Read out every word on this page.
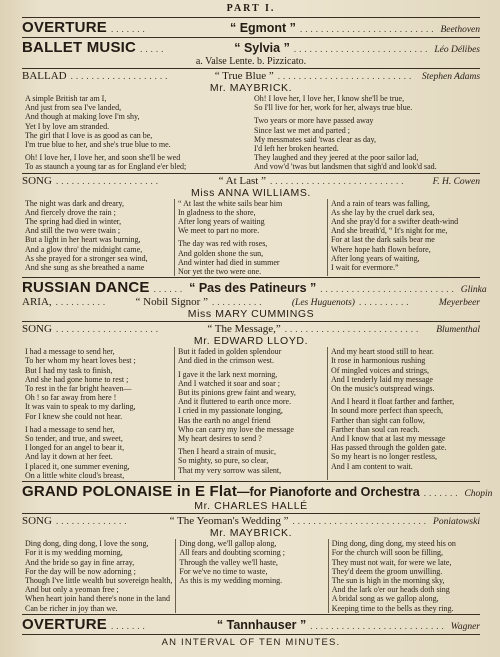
PART I.
OVERTURE .......	“ Egmont ” .......................... Beethoven
BALLET MUSIC .....	“ Sylvia ” .......................... Léo Délibes
a. Valse Lente. b. Pizzicato.
BALLAD ...................	“ True Blue ” .......................... Stephen Adams
Mr. MAYBRICK.
A simple British tar am I,
And just from sea I've landed,
And though at making love I'm shy,
Yet I by love am stranded.
The girl that I love is as good as can be,
I'm true blue to her, and she's true blue to me.

Oh! I love her, I love her, and soon she'll be wed
To as staunch a young tar as for England e'er bled;
Oh! I love her, I love her, I know she'll be true,
So I'll live for her, work for her, always true blue.

Two years or more have passed away
Since last we met and parted ;
My messmates said 'twas clear as day,
I'd left her broken hearted.
They laughed and they jeered at the poor sailor lad,
And vow'd 'twas but landsmen that sigh'd and look'd sad.
SONG ....................	“ At Last ” ..........................	F. H. Cowen
Miss ANNA WILLIAMS.
The night was dark and dreary,
And fiercely drove the rain ;
The spring had died in winter,
And still the two were twain ;
But a light in her heart was burning,
And a glow thro' the midnight came,
As she prayed for a stronger sea wind,
And she sung as she breathed a name
“ At last the white sails bear him
In gladness to the shore,
After long years of waiting
We meet to part no more.

The day was red with roses,
And golden shone the sun,
And winter had died in summer
Nor yet the two were one.
And a rain of tears was falling,
As she lay by the cruel dark sea,
And she pray'd for a swifter death-wind
And she breath'd, “ It's night for me,
For at last the dark sails bear me
Where hope hath flown before,
After long years of waiting,
I wait for evermore.”
RUSSIAN DANCE ...... “ Pas des Patineurs ” .......................... Glinka
ARIA, ..........	“ Nobil Signor ” ..........	(Les Huguenots) ..........	Meyerbeer
Miss MARY CUMMINGS
SONG ....................	“ The Message,” ..........................	Blumenthal
Mr. EDWARD LLOYD.
I had a message to send her,
To her whom my heart loves best ;
But I had my task to finish,
And she had gone home to rest ;
To rest in the far bright heaven—
Oh ! so far away from here !
It was vain to speak to my darling,
For I knew she could not hear.

I had a message to send her,
So tender, and true, and sweet,
I longed for an angel to bear it,
And lay it down at her feet.
I placed it, one summer evening,
On a little white cloud's breast,
But it faded in golden splendour
And died in the crimson west.

I gave it the lark next morning,
And I watched it soar and soar ;
But its pinions grew faint and weary,
And it fluttered to earth once more.
I cried in my passionate longing,
Has the earth no angel friend
Who can carry my love the message
My heart desires to send ?

Then I heard a strain of music,
So mighty, so pure, so clear,
That my very sorrow was silent,
And my heart stood still to hear.
It rose in harmonious rushing
Of mingled voices and strings,
And I tenderly laid my message
On the music's outspread wings.

And I heard it float farther and farther,
In sound more perfect than speech,
Farther than sight can follow,
Farther than soul can reach.
And I know that at last my message
Has passed through the golden gate.
So my heart is no longer restless,
And I am content to wait.
GRAND POLONAISE in E Flat —for Pianoforte and Orchestra ....... Chopin
Mr. CHARLES HALLÉ
SONG ..............	“ The Yeoman's Wedding ” .......................... Poniatowski
Mr. MAYBRICK.
Ding dong, ding dong, I love the song,
For it is my wedding morning,
And the bride so gay in fine array,
For the day will be now adorning ;
Though I've little wealth but sovereign health,
And but only a yeoman free ;
When heart join hand there's none in the land
Can be richer in joy than we.
Ding dong, we'll gallop along,
All fears and doubting scorning ;
Through the valley we'll haste,
For we've no time to waste,
As this is my wedding morning.
Ding dong, ding dong, my steed his on
For the church will soon be filling,
They must not wait, for were we late,
They'd deem the groom unwilling.
The sun is high in the morning sky,
And the lark o'er our heads doth sing
A bridal song as we gallop along,
Keeping time to the bells as they ring.
OVERTURE .......	“ Tannhauser ” .......................... Wagner
AN INTERVAL OF TEN MINUTES.
